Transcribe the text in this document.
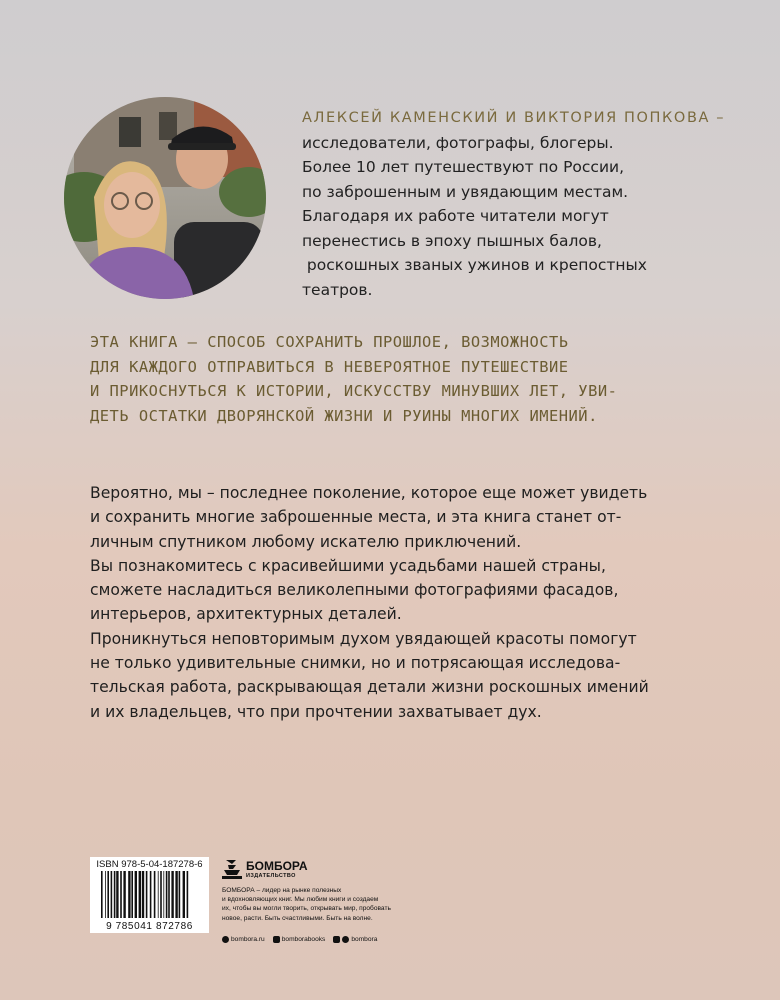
АЛЕКСЕЙ КАМЕНСКИЙ И ВИКТОРИЯ ПОПКОВА –
исследователи, фотографы, блогеры.
Более 10 лет путешествуют по России,
по заброшенным и увядающим местам.
Благодаря их работе читатели могут
перенестись в эпоху пышных балов,
роскошных званых ужинов и крепостных
театров.
ЭТА КНИГА – СПОСОБ СОХРАНИТЬ ПРОШЛОЕ, ВОЗМОЖНОСТЬ
ДЛЯ КАЖДОГО ОТПРАВИТЬСЯ В НЕВЕРОЯТНОЕ ПУТЕШЕСТВИЕ
И ПРИКОСНУТЬСЯ К ИСТОРИИ, ИСКУССТВУ МИНУВШИХ ЛЕТ, УВИ-
ДЕТЬ ОСТАТКИ ДВОРЯНСКОЙ ЖИЗНИ И РУИНЫ МНОГИХ ИМЕНИЙ.
Вероятно, мы – последнее поколение, которое еще может увидеть
и сохранить многие заброшенные места, и эта книга станет от-
личным спутником любому искателю приключений.
Вы познакомитесь с красивейшими усадьбами нашей страны,
сможете насладиться великолепными фотографиями фасадов,
интерьеров, архитектурных деталей.
Проникнуться неповторимым духом увядающей красоты помогут
не только удивительные снимки, но и потрясающая исследова-
тельская работа, раскрывающая детали жизни роскошных имений
и их владельцев, что при прочтении захватывает дух.
ISBN 978-5-04-187278-6
9 785041 872786
БОМБОРА
ИЗДАТЕЛЬСТВО
БОМБОРА – лидер на рынке полезных
и вдохновляющих книг. Мы любим книги и создаем
их, чтобы вы могли творить, открывать мир, пробовать
новое, расти. Быть счастливыми. Быть на волне.
bombora.ru	bomborabooks	bombora
